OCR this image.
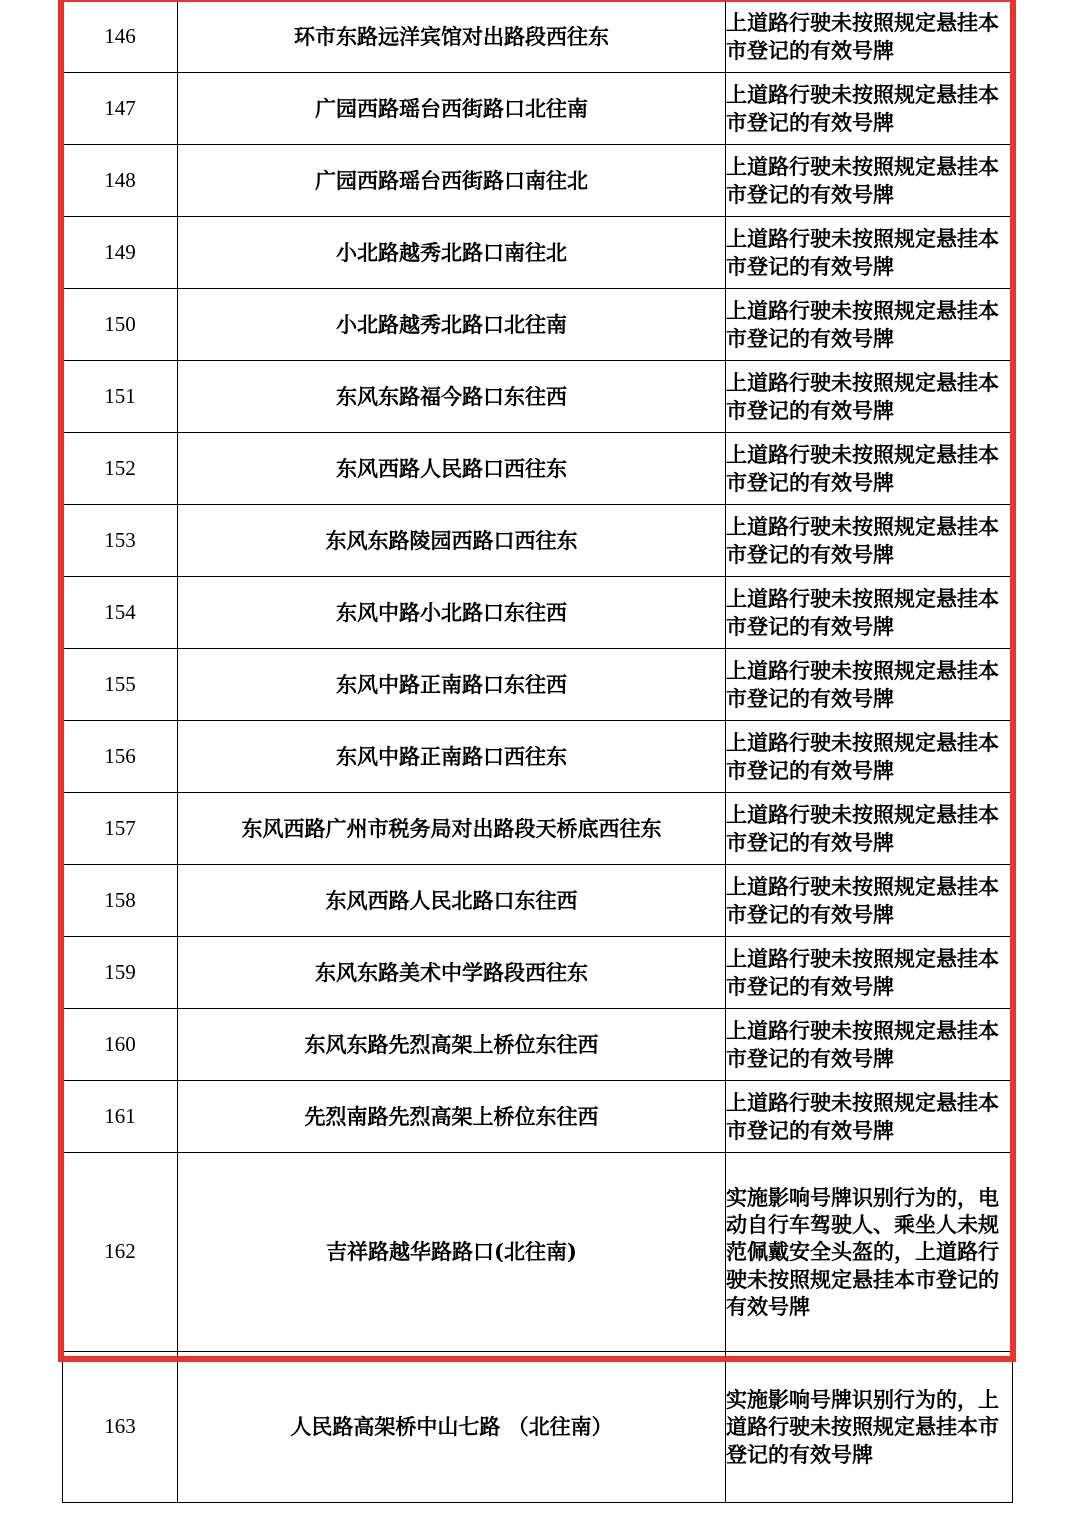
146	环市东路远洋宾馆对出路段西往东	上道路行驶未按照规定悬挂本市登记的有效号牌
147	广园西路瑶台西街路口北往南	上道路行驶未按照规定悬挂本市登记的有效号牌
148	广园西路瑶台西街路口南往北	上道路行驶未按照规定悬挂本市登记的有效号牌
149	小北路越秀北路口南往北	上道路行驶未按照规定悬挂本市登记的有效号牌
150	小北路越秀北路口北往南	上道路行驶未按照规定悬挂本市登记的有效号牌
151	东风东路福今路口东往西	上道路行驶未按照规定悬挂本市登记的有效号牌
152	东风西路人民路口西往东	上道路行驶未按照规定悬挂本市登记的有效号牌
153	东风东路陵园西路口西往东	上道路行驶未按照规定悬挂本市登记的有效号牌
154	东风中路小北路口东往西	上道路行驶未按照规定悬挂本市登记的有效号牌
155	东风中路正南路口东往西	上道路行驶未按照规定悬挂本市登记的有效号牌
156	东风中路正南路口西往东	上道路行驶未按照规定悬挂本市登记的有效号牌
157	东风西路广州市税务局对出路段天桥底西往东	上道路行驶未按照规定悬挂本市登记的有效号牌
158	东风西路人民北路口东往西	上道路行驶未按照规定悬挂本市登记的有效号牌
159	东风东路美术中学路段西往东	上道路行驶未按照规定悬挂本市登记的有效号牌
160	东风东路先烈高架上桥位东往西	上道路行驶未按照规定悬挂本市登记的有效号牌
161	先烈南路先烈高架上桥位东往西	上道路行驶未按照规定悬挂本市登记的有效号牌
162	吉祥路越华路路口(北往南)	实施影响号牌识别行为的，电动自行车驾驶人、乘坐人未规范佩戴安全头盔的，上道路行驶未按照规定悬挂本市登记的有效号牌
163	人民路高架桥中山七路 （北往南）	实施影响号牌识别行为的，上道路行驶未按照规定悬挂本市登记的有效号牌
